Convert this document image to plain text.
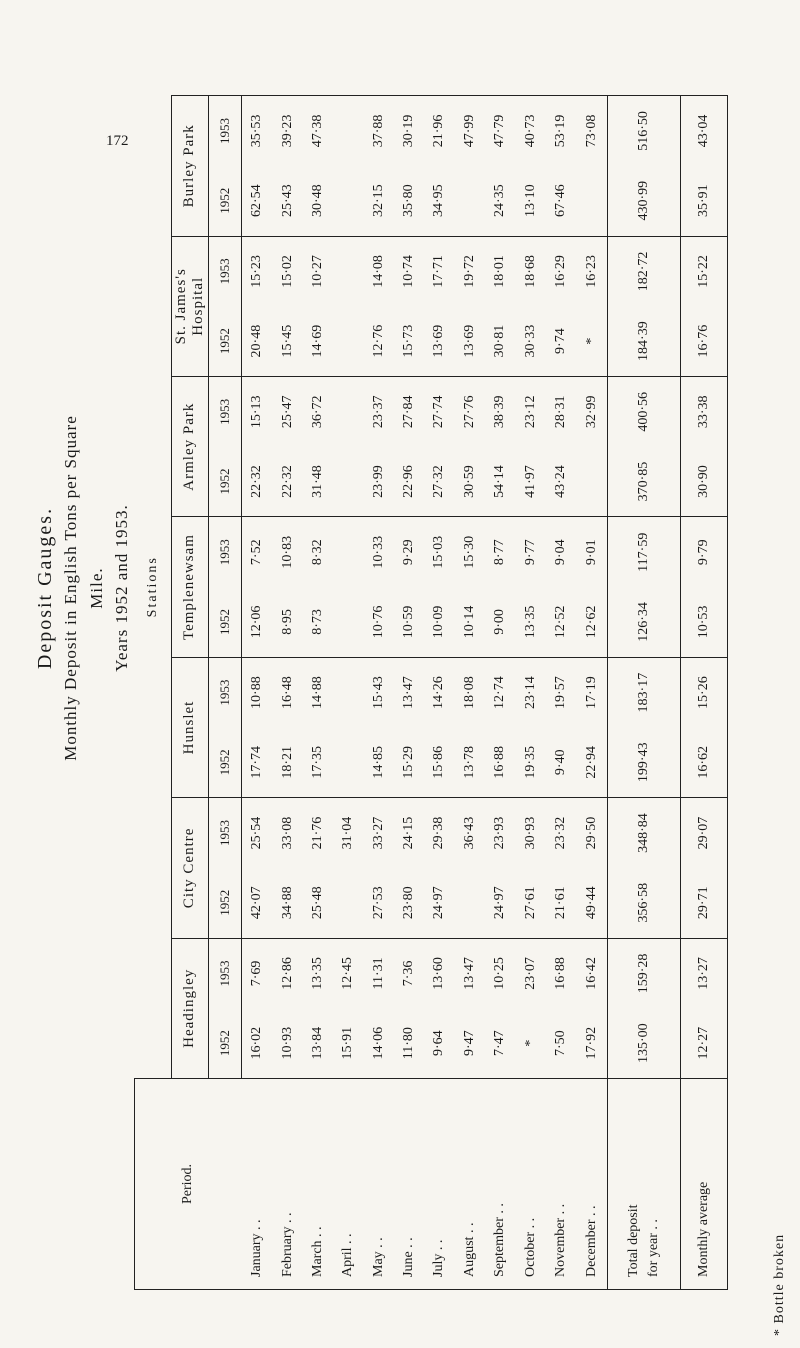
172
Deposit Gauges. Monthly Deposit in English Tons per Square Mile. Years 1952 and 1953.
Period.	Stations													
	Headingley		City Centre		Hunslet		Templenewsam		Armley Park		St. James's Hospital		Burley Park	
	1952	1953	1952	1953	1952	1953	1952	1953	1952	1953	1952	1953	1952	1953
January . .	16·02	7·69	42·07	25·54	17·74	10·88	12·06	7·52	22·32	15·13	20·48	15·23	62·54	35·53
February . .	10·93	12·86	34·88	33·08	18·21	16·48	8·95	10·83	22·32	25·47	15·45	15·02	25·43	39·23
March . .	13·84	13·35	25·48	21·76	17·35	14·88	8·73	8·32	31·48	36·72	14·69	10·27	30·48	47·38
April . .	15·91	12·45		31·04										
May . .	14·06	11·31	27·53	33·27	14·85	15·43	10·76	10·33	23·99	23·37	12·76	14·08	32·15	37·88
June . .	11·80	7·36	23·80	24·15	15·29	13·47	10·59	9·29	22·96	27·84	15·73	10·74	35·80	30·19
July . .	9·64	13·60	24·97	29·38	15·86	14·26	10·09	15·03	27·32	27·74	13·69	17·71	34·95	21·96
August . .	9·47	13·47		36·43	13·78	18·08	10·14	15·30	30·59	27·76	13·69	19·72		47·99
September . .	7·47	10·25	24·97	23·93	16·88	12·74	9·00	8·77	54·14	38·39	30·81	18·01	24·35	47·79
October . .	*	23·07	27·61	30·93	19·35	23·14	13·35	9·77	41·97	23·12	30·33	18·68	13·10	40·73
November . .	7·50	16·88	21·61	23·32	9·40	19·57	12·52	9·04	43·24	28·31	9·74	16·29	67·46	53·19
December . .	17·92	16·42	49·44	29·50	22·94	17·19	12·62	9·01		32·99	*	16·23		73·08

Total deposit for year . .	135·00	159·28	356·58	348·84	199·43	183·17	126·34	117·59	370·85	400·56	184·39	182·72	430·99	516·50
Monthly average	12·27	13·27	29·71	29·07	16·62	15·26	10·53	9·79	30·90	33·38	16·76	15·22	35·91	43·04
* Bottle broken
